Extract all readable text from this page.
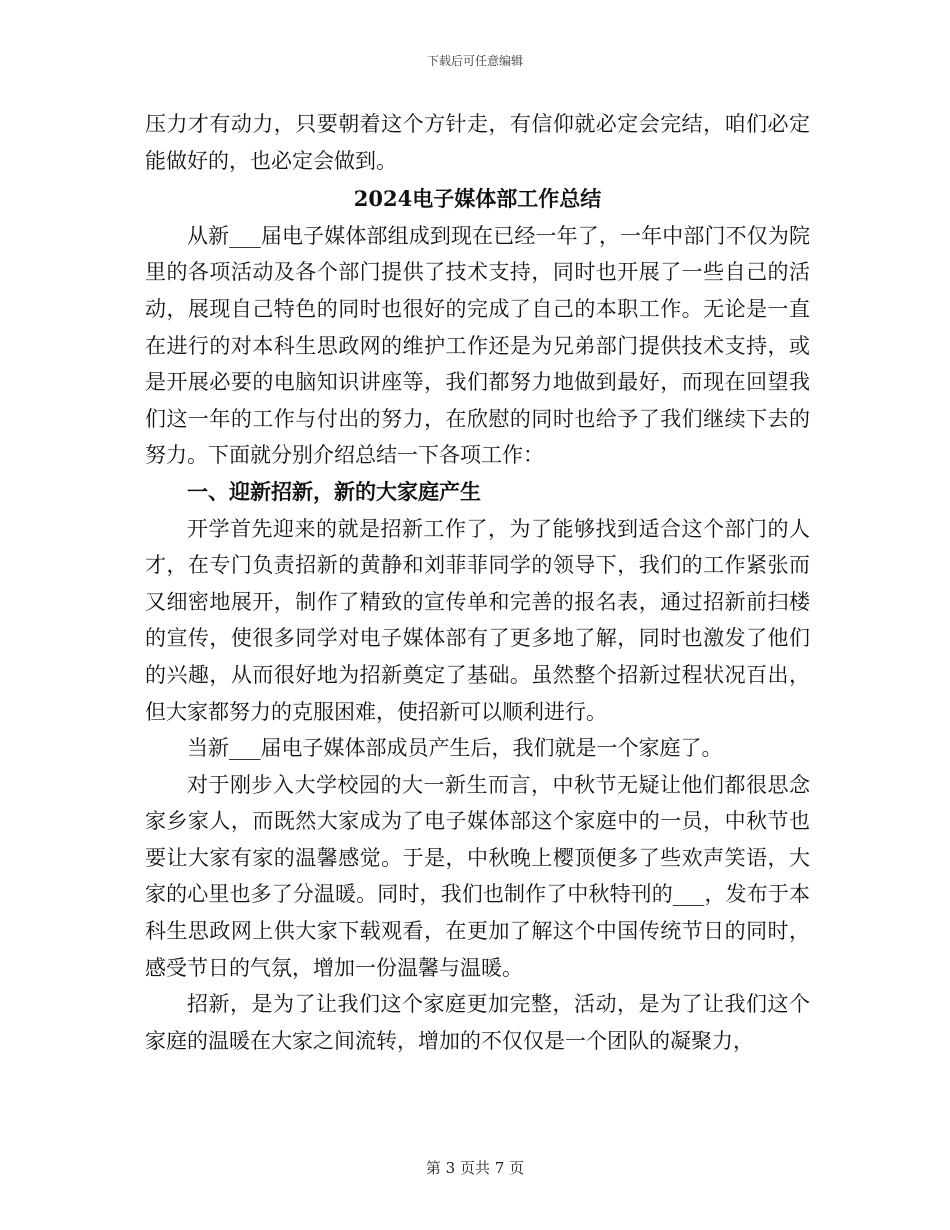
下载后可任意编辑

压力才有动力，只要朝着这个方针走，有信仰就必定会完结，咱们必定能做好的，也必定会做到。

2024电子媒体部工作总结

从新___届电子媒体部组成到现在已经一年了，一年中部门不仅为院里的各项活动及各个部门提供了技术支持，同时也开展了一些自己的活动，展现自己特色的同时也很好的完成了自己的本职工作。无论是一直在进行的对本科生思政网的维护工作还是为兄弟部门提供技术支持，或是开展必要的电脑知识讲座等，我们都努力地做到最好，而现在回望我们这一年的工作与付出的努力，在欣慰的同时也给予了我们继续下去的努力。下面就分别介绍总结一下各项工作：

一、迎新招新，新的大家庭产生

开学首先迎来的就是招新工作了，为了能够找到适合这个部门的人才，在专门负责招新的黄静和刘菲菲同学的领导下，我们的工作紧张而又细密地展开，制作了精致的宣传单和完善的报名表，通过招新前扫楼的宣传，使很多同学对电子媒体部有了更多地了解，同时也激发了他们的兴趣，从而很好地为招新奠定了基础。虽然整个招新过程状况百出，但大家都努力的克服困难，使招新可以顺利进行。

当新___届电子媒体部成员产生后，我们就是一个家庭了。

对于刚步入大学校园的大一新生而言，中秋节无疑让他们都很思念家乡家人，而既然大家成为了电子媒体部这个家庭中的一员，中秋节也要让大家有家的温馨感觉。于是，中秋晚上樱顶便多了些欢声笑语，大家的心里也多了分温暖。同时，我们也制作了中秋特刊的___，发布于本科生思政网上供大家下载观看，在更加了解这个中国传统节日的同时，感受节日的气氛，增加一份温馨与温暖。

招新，是为了让我们这个家庭更加完整，活动，是为了让我们这个家庭的温暖在大家之间流转，增加的不仅仅是一个团队的凝聚力，

第 3 页共 7 页
